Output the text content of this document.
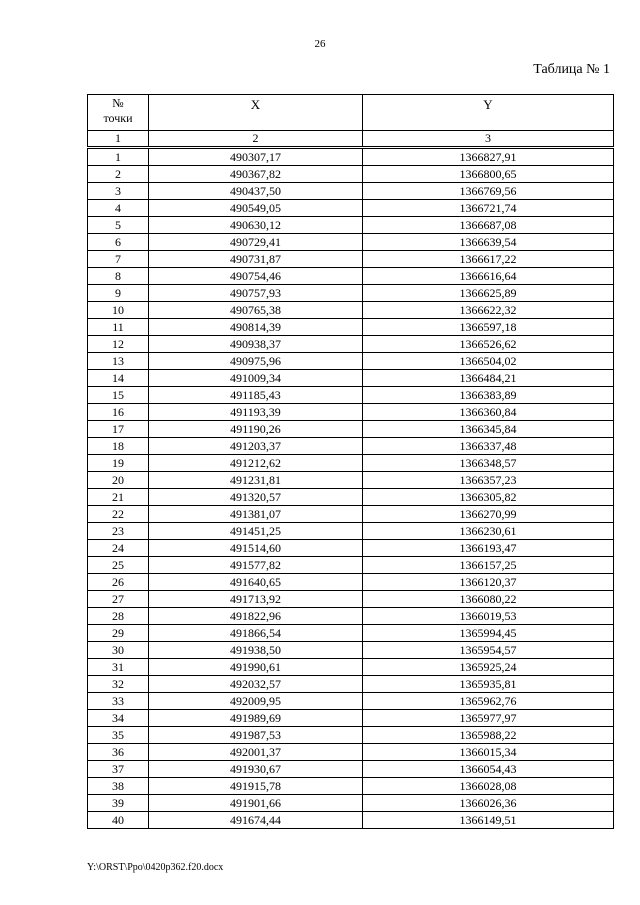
26
Таблица № 1
№
точки	X	Y
1	2	3
1	490307,17	1366827,91
2	490367,82	1366800,65
3	490437,50	1366769,56
4	490549,05	1366721,74
5	490630,12	1366687,08
6	490729,41	1366639,54
7	490731,87	1366617,22
8	490754,46	1366616,64
9	490757,93	1366625,89
10	490765,38	1366622,32
11	490814,39	1366597,18
12	490938,37	1366526,62
13	490975,96	1366504,02
14	491009,34	1366484,21
15	491185,43	1366383,89
16	491193,39	1366360,84
17	491190,26	1366345,84
18	491203,37	1366337,48
19	491212,62	1366348,57
20	491231,81	1366357,23
21	491320,57	1366305,82
22	491381,07	1366270,99
23	491451,25	1366230,61
24	491514,60	1366193,47
25	491577,82	1366157,25
26	491640,65	1366120,37
27	491713,92	1366080,22
28	491822,96	1366019,53
29	491866,54	1365994,45
30	491938,50	1365954,57
31	491990,61	1365925,24
32	492032,57	1365935,81
33	492009,95	1365962,76
34	491989,69	1365977,97
35	491987,53	1365988,22
36	492001,37	1366015,34
37	491930,67	1366054,43
38	491915,78	1366028,08
39	491901,66	1366026,36
40	491674,44	1366149,51
Y:\ORST\Ppo\0420p362.f20.docx
